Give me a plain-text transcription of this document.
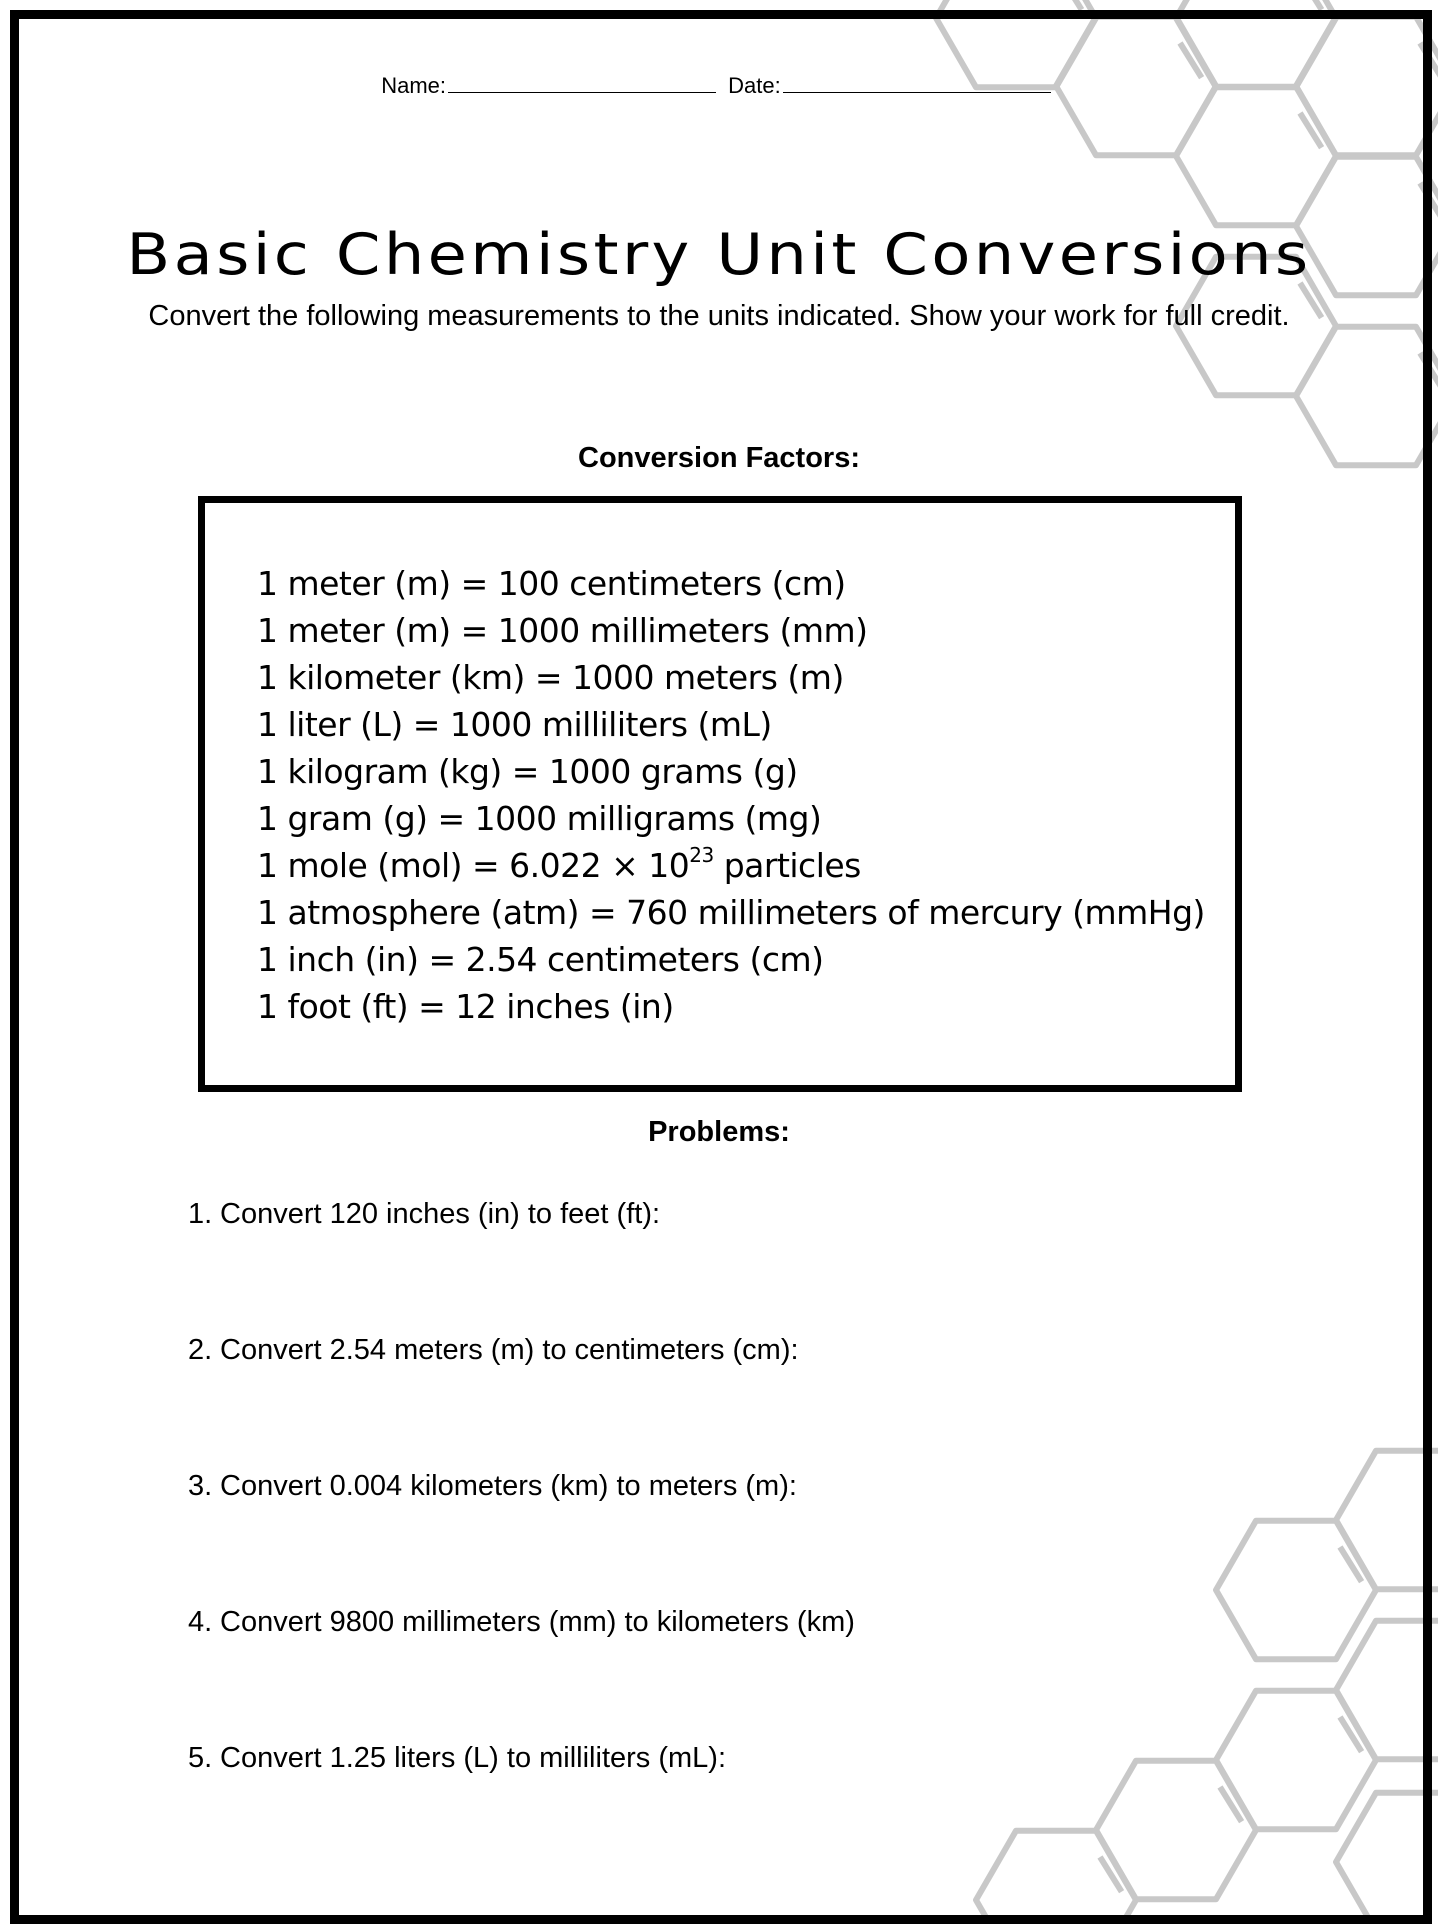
Name:	Date:
Basic Chemistry Unit Conversions
Convert the following measurements to the units indicated. Show your work for full credit.
Conversion Factors:
1 meter (m) = 100 centimeters (cm)
1 meter (m) = 1000 millimeters (mm)
1 kilometer (km) = 1000 meters (m)
1 liter (L) = 1000 milliliters (mL)
1 kilogram (kg) = 1000 grams (g)
1 gram (g) = 1000 milligrams (mg)
1 mole $(mol) = 6.022 \times 10^{23}$ particles
1 atmosphere (atm) = 760 millimeters of mercury (mmHg)
1 inch (in) = 2.54 centimeters (cm)
1 foot (ft) = 12 inches (in)
Problems:
1. Convert 120 inches (in) to feet (ft):
2. Convert 2.54 meters (m) to centimeters (cm):
3. Convert 0.004 kilometers (km) to meters (m):
4. Convert 9800 millimeters (mm) to kilometers (km)
5. Convert 1.25 liters (L) to milliliters (mL):
